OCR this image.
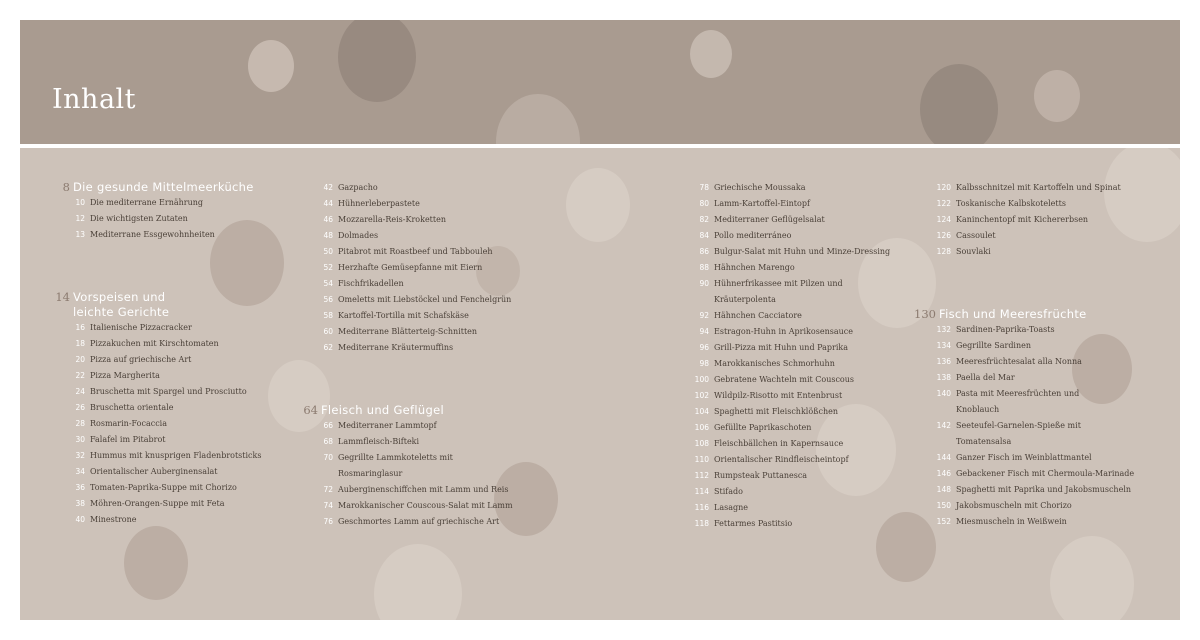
Inhalt
8 Die gesunde Mittelmeerküche
10 Die mediterrane Ernährung
12 Die wichtigsten Zutaten
13 Mediterrane Essgewohnheiten
14 Vorspeisen und
leichte Gerichte
16 Italienische Pizzacracker
18 Pizzakuchen mit Kirschtomaten
20 Pizza auf griechische Art
22 Pizza Margherita
24 Bruschetta mit Spargel und Prosciutto
26 Bruschetta orientale
28 Rosmarin-Focaccia
30 Falafel im Pitabrot
32 Hummus mit knusprigen Fladenbrotsticks
34 Orientalischer Auberginensalat
36 Tomaten-Paprika-Suppe mit Chorizo
38 Möhren-Orangen-Suppe mit Feta
40 Minestrone
42 Gazpacho
44 Hühnerleberpastete
46 Mozzarella-Reis-Kroketten
48 Dolmades
50 Pitabrot mit Roastbeef und Tabbouleh
52 Herzhafte Gemüsepfanne mit Eiern
54 Fischfrikadellen
56 Omeletts mit Liebstöckel und Fenchelgrün
58 Kartoffel-Tortilla mit Schafskäse
60 Mediterrane Blätterteig-Schnitten
62 Mediterrane Kräutermuffins
64 Fleisch und Geflügel
66 Mediterraner Lammtopf
68 Lammfleisch-Bifteki
70 Gegrillte Lammkoteletts mit
Rosmaringlasur
72 Auberginenschiffchen mit Lamm und Reis
74 Marokkanischer Couscous-Salat mit Lamm
76 Geschmortes Lamm auf griechische Art
78 Griechische Moussaka
80 Lamm-Kartoffel-Eintopf
82 Mediterraner Geflügelsalat
84 Pollo mediterráneo
86 Bulgur-Salat mit Huhn und Minze-Dressing
88 Hähnchen Marengo
90 Hühnerfrikassee mit Pilzen und
Kräuterpolenta
92 Hähnchen Cacciatore
94 Estragon-Huhn in Aprikosensauce
96 Grill-Pizza mit Huhn und Paprika
98 Marokkanisches Schmorhuhn
100 Gebratene Wachteln mit Couscous
102 Wildpilz-Risotto mit Entenbrust
104 Spaghetti mit Fleischklößchen
106 Gefüllte Paprikaschoten
108 Fleischbällchen in Kapernsauce
110 Orientalischer Rindfleischeintopf
112 Rumpsteak Puttanesca
114 Stifado
116 Lasagne
118 Fettarmes Pastitsio
120 Kalbsschnitzel mit Kartoffeln und Spinat
122 Toskanische Kalbskoteletts
124 Kaninchentopf mit Kichererbsen
126 Cassoulet
128 Souvlaki
130 Fisch und Meeresfrüchte
132 Sardinen-Paprika-Toasts
134 Gegrillte Sardinen
136 Meeresfrüchtesalat alla Nonna
138 Paella del Mar
140 Pasta mit Meeresfrüchten und
Knoblauch
142 Seeteufel-Garnelen-Spieße mit
Tomatensalsa
144 Ganzer Fisch im Weinblattmantel
146 Gebackener Fisch mit Chermoula-Marinade
148 Spaghetti mit Paprika und Jakobsmuscheln
150 Jakobsmuscheln mit Chorizo
152 Miesmuscheln in Weißwein
